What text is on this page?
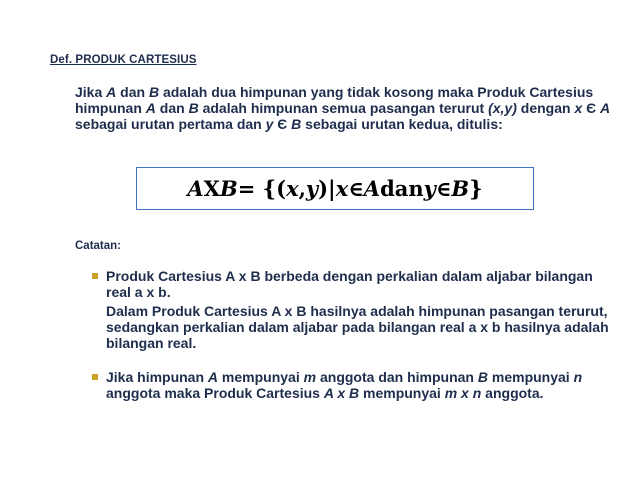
Def. PRODUK CARTESIUS
Jika A dan B adalah dua himpunan yang tidak kosong maka Produk Cartesius himpunan A dan B adalah himpunan semua pasangan terurut (x,y) dengan x Є A sebagai urutan pertama dan y Є B sebagai urutan kedua, ditulis:
A X B = {( x , y )| x ∈ A dan y ∈ B }
Catatan:

Produk Cartesius A x B berbeda dengan perkalian dalam aljabar bilangan real a x b.

Dalam Produk Cartesius A x B hasilnya adalah himpunan pasangan terurut, sedangkan perkalian dalam aljabar pada bilangan real a x b hasilnya adalah bilangan real.

Jika himpunan A mempunyai m anggota dan himpunan B mempunyai n anggota maka Produk Cartesius A x B mempunyai m x n anggota.
